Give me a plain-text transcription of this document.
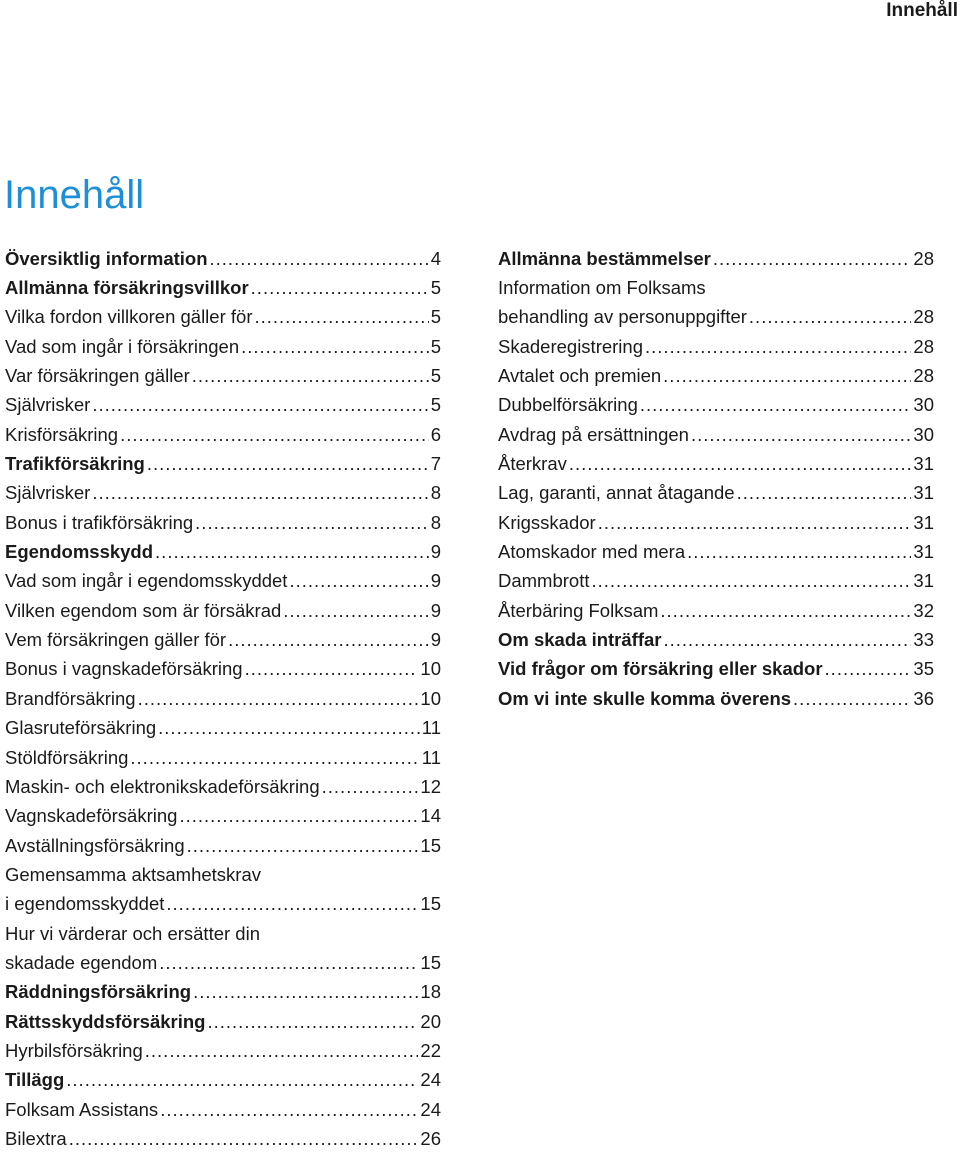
Innehåll
Innehåll
Översiktlig information .....	4
Allmänna försäkringsvillkor .....	5
Vilka fordon villkoren gäller för .....	5
Vad som ingår i försäkringen .....	5
Var försäkringen gäller .....	5
Självrisker .....	5
Krisförsäkring .....	6
Trafikförsäkring .....	7
Självrisker .....	8
Bonus i trafikförsäkring .....	8
Egendomsskydd .....	9
Vad som ingår i egendomsskyddet .....	9
Vilken egendom som är försäkrad .....	9
Vem försäkringen gäller för .....	9
Bonus i vagnskadeförsäkring .....	10
Brandförsäkring .....	10
Glasruteförsäkring .....	11
Stöldförsäkring .....	11
Maskin- och elektronikskadeförsäkring .....	12
Vagnskadeförsäkring .....	14
Avställningsförsäkring .....	15
Gemensamma aktsamhetskrav
i egendomsskyddet .....	15
Hur vi värderar och ersätter din
skadade egendom .....	15
Räddningsförsäkring .....	18
Rättsskyddsförsäkring .....	20
Hyrbilsförsäkring .....	22
Tillägg .....	24
Folksam Assistans .....	24
Bilextra .....	26
Allmänna bestämmelser .....	28
Information om Folksams
behandling av personuppgifter .....	28
Skaderegistrering .....	28
Avtalet och premien .....	28
Dubbelförsäkring .....	30
Avdrag på ersättningen .....	30
Återkrav .....	31
Lag, garanti, annat åtagande .....	31
Krigsskador .....	31
Atomskador med mera .....	31
Dammbrott .....	31
Återbäring Folksam .....	32
Om skada inträffar .....	33
Vid frågor om försäkring eller skador .....	35
Om vi inte skulle komma överens .....	36
